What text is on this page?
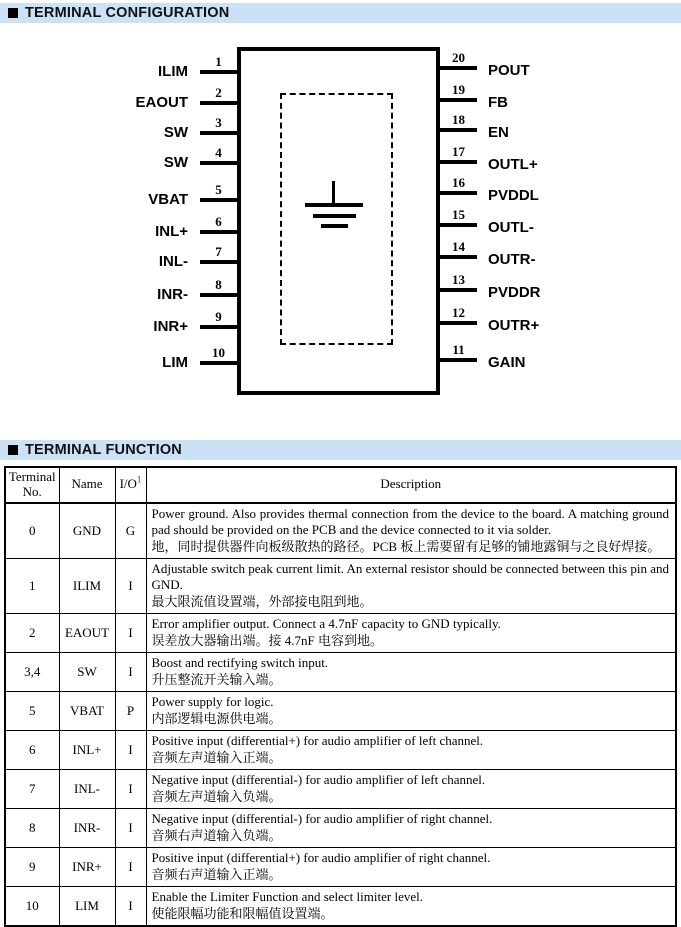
TERMINAL CONFIGURATION
ILIM
1
EAOUT
2
SW
3
SW
4
VBAT
5
INL+
6
INL-
7
INR-
8
INR+
9
LIM
10
20
POUT
19
FB
18
EN
17
OUTL+
16
PVDDL
15
OUTL-
14
OUTR-
13
PVDDR
12
OUTR+
11
GAIN
TERMINAL FUNCTION
Terminal No.	Name	$I/O^1$	Description
0	GND	G	Power ground. Also provides thermal connection from the device to the board. A matching ground pad should be provided on the PCB and the device connected to it via solder.
地，同时提供器件向板级散热的路径。PCB 板上需要留有足够的铺地露铜与之良好焊接。

1	ILIM	I	Adjustable switch peak current limit. An external resistor should be connected between this pin and GND.
最大限流值设置端，外部接电阻到地。

2	EAOUT	I	Error amplifier output. Connect a 4.7nF capacity to GND typically.
误差放大器输出端。接 4.7nF 电容到地。

3,4	SW	I	Boost and rectifying switch input.
升压整流开关输入端。

5	VBAT	P	Power supply for logic.
内部逻辑电源供电端。

6	INL+	I	Positive input (differential+) for audio amplifier of left channel.
音频左声道输入正端。

7	INL-	I	Negative input (differential-) for audio amplifier of left channel.
音频左声道输入负端。

8	INR-	I	Negative input (differential-) for audio amplifier of right channel.
音频右声道输入负端。

9	INR+	I	Positive input (differential+) for audio amplifier of right channel.
音频右声道输入正端。

10	LIM	I	Enable the Limiter Function and select limiter level.
使能限幅功能和限幅值设置端。
